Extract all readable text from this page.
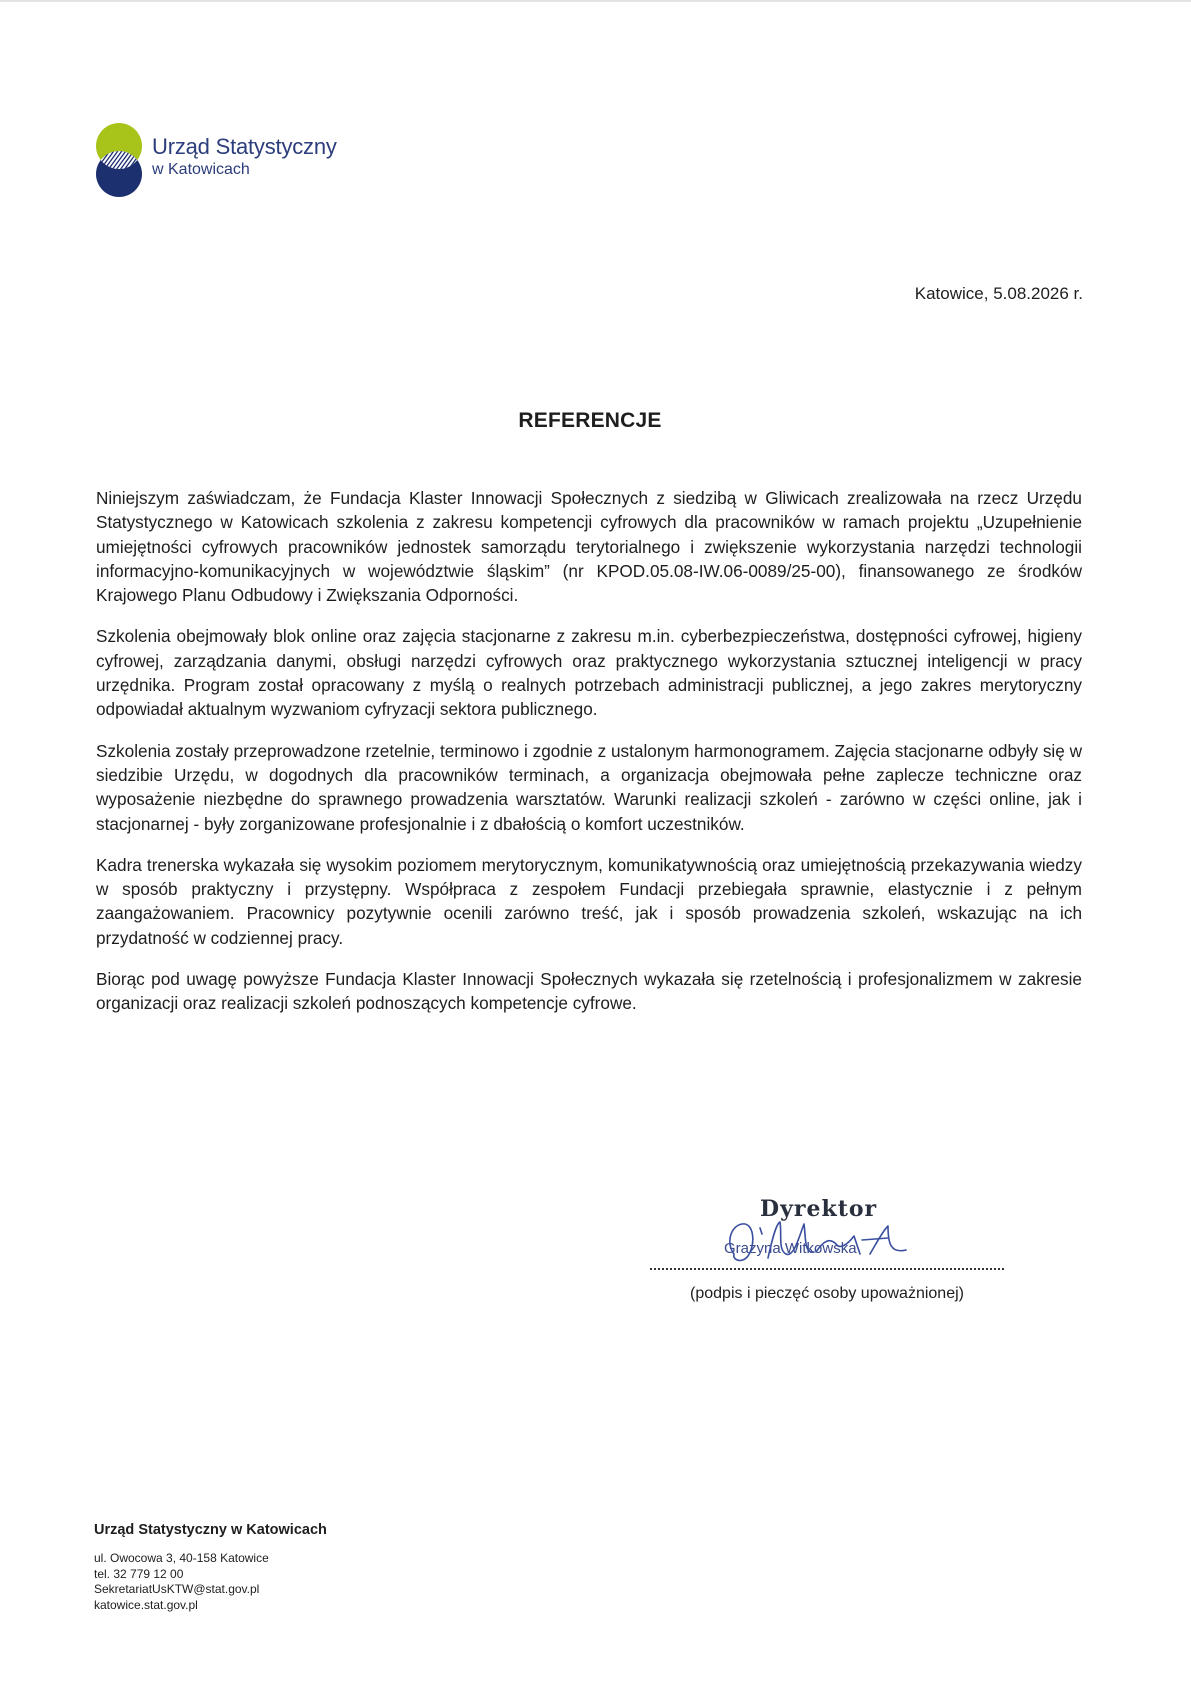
Urząd Statystyczny
w Katowicach
Katowice, 5.08.2026 r.
REFERENCJE

Niniejszym zaświadczam, że Fundacja Klaster Innowacji Społecznych z siedzibą w Gliwicach zrealizowała na rzecz Urzędu Statystycznego w Katowicach szkolenia z zakresu kompetencji cyfrowych dla pracowników w ramach projektu „Uzupełnienie umiejętności cyfrowych pracowników jednostek samorządu terytorialnego i zwiększenie wykorzystania narzędzi technologii informacyjno-komunikacyjnych w województwie śląskim” (nr KPOD.05.08-IW.06-0089/25-00), finansowanego ze środków Krajowego Planu Odbudowy i Zwiększania Odporności.

Szkolenia obejmowały blok online oraz zajęcia stacjonarne z zakresu m.in. cyberbezpieczeństwa, dostępności cyfrowej, higieny cyfrowej, zarządzania danymi, obsługi narzędzi cyfrowych oraz praktycznego wykorzystania sztucznej inteligencji w pracy urzędnika. Program został opracowany z myślą o realnych potrzebach administracji publicznej, a jego zakres merytoryczny odpowiadał aktualnym wyzwaniom cyfryzacji sektora publicznego.

Szkolenia zostały przeprowadzone rzetelnie, terminowo i zgodnie z ustalonym harmonogramem. Zajęcia stacjonarne odbyły się w siedzibie Urzędu, w dogodnych dla pracowników terminach, a organizacja obejmowała pełne zaplecze techniczne oraz wyposażenie niezbędne do sprawnego prowadzenia warsztatów. Warunki realizacji szkoleń - zarówno w części online, jak i stacjonarnej - były zorganizowane profesjonalnie i z dbałością o komfort uczestników.

Kadra trenerska wykazała się wysokim poziomem merytorycznym, komunikatywnością oraz umiejętnością przekazywania wiedzy w sposób praktyczny i przystępny. Współpraca z zespołem Fundacji przebiegała sprawnie, elastycznie i z pełnym zaangażowaniem. Pracownicy pozytywnie ocenili zarówno treść, jak i sposób prowadzenia szkoleń, wskazując na ich przydatność w codziennej pracy.

Biorąc pod uwagę powyższe Fundacja Klaster Innowacji Społecznych wykazała się rzetelnością i profesjonalizmem w zakresie organizacji oraz realizacji szkoleń podnoszących kompetencje cyfrowe.

Dyrektor
Grażyna Witkowska
(podpis i pieczęć osoby upoważnionej)
Urząd Statystyczny w Katowicach
ul. Owocowa 3, 40-158 Katowice
tel. 32 779 12 00
SekretariatUsKTW@stat.gov.pl
katowice.stat.gov.pl
